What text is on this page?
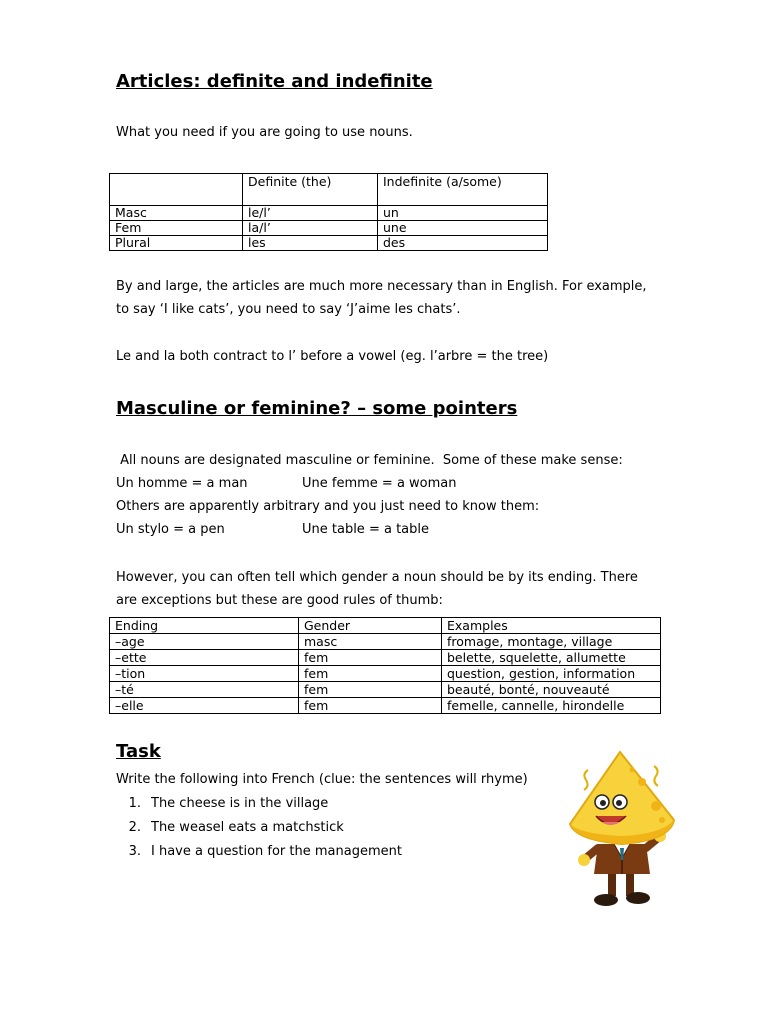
Articles: definite and indefinite
What you need if you are going to use nouns.
	Definite (the)	Indefinite (a/some)
Masc	le/l’	un
Fem	la/l’	une
Plural	les	des
By and large, the articles are much more necessary than in English. For example,
to say ‘I like cats’, you need to say ‘J’aime les chats’.
Le and la both contract to l’ before a vowel (eg. l’arbre = the tree)
Masculine or feminine? – some pointers
All nouns are designated masculine or feminine.  Some of these make sense:
Un homme = a man	Une femme = a woman
Others are apparently arbitrary and you just need to know them:
Un stylo = a pen	Une table = a table
However, you can often tell which gender a noun should be by its ending. There
are exceptions but these are good rules of thumb:
Ending	Gender	Examples
–age	masc	fromage, montage, village
–ette	fem	belette, squelette, allumette
–tion	fem	question, gestion, information
–té	fem	beauté, bonté, nouveauté
–elle	fem	femelle, cannelle, hirondelle
Task
Write the following into French (clue: the sentences will rhyme)
1. The cheese is in the village
2. The weasel eats a matchstick
3. I have a question for the management
